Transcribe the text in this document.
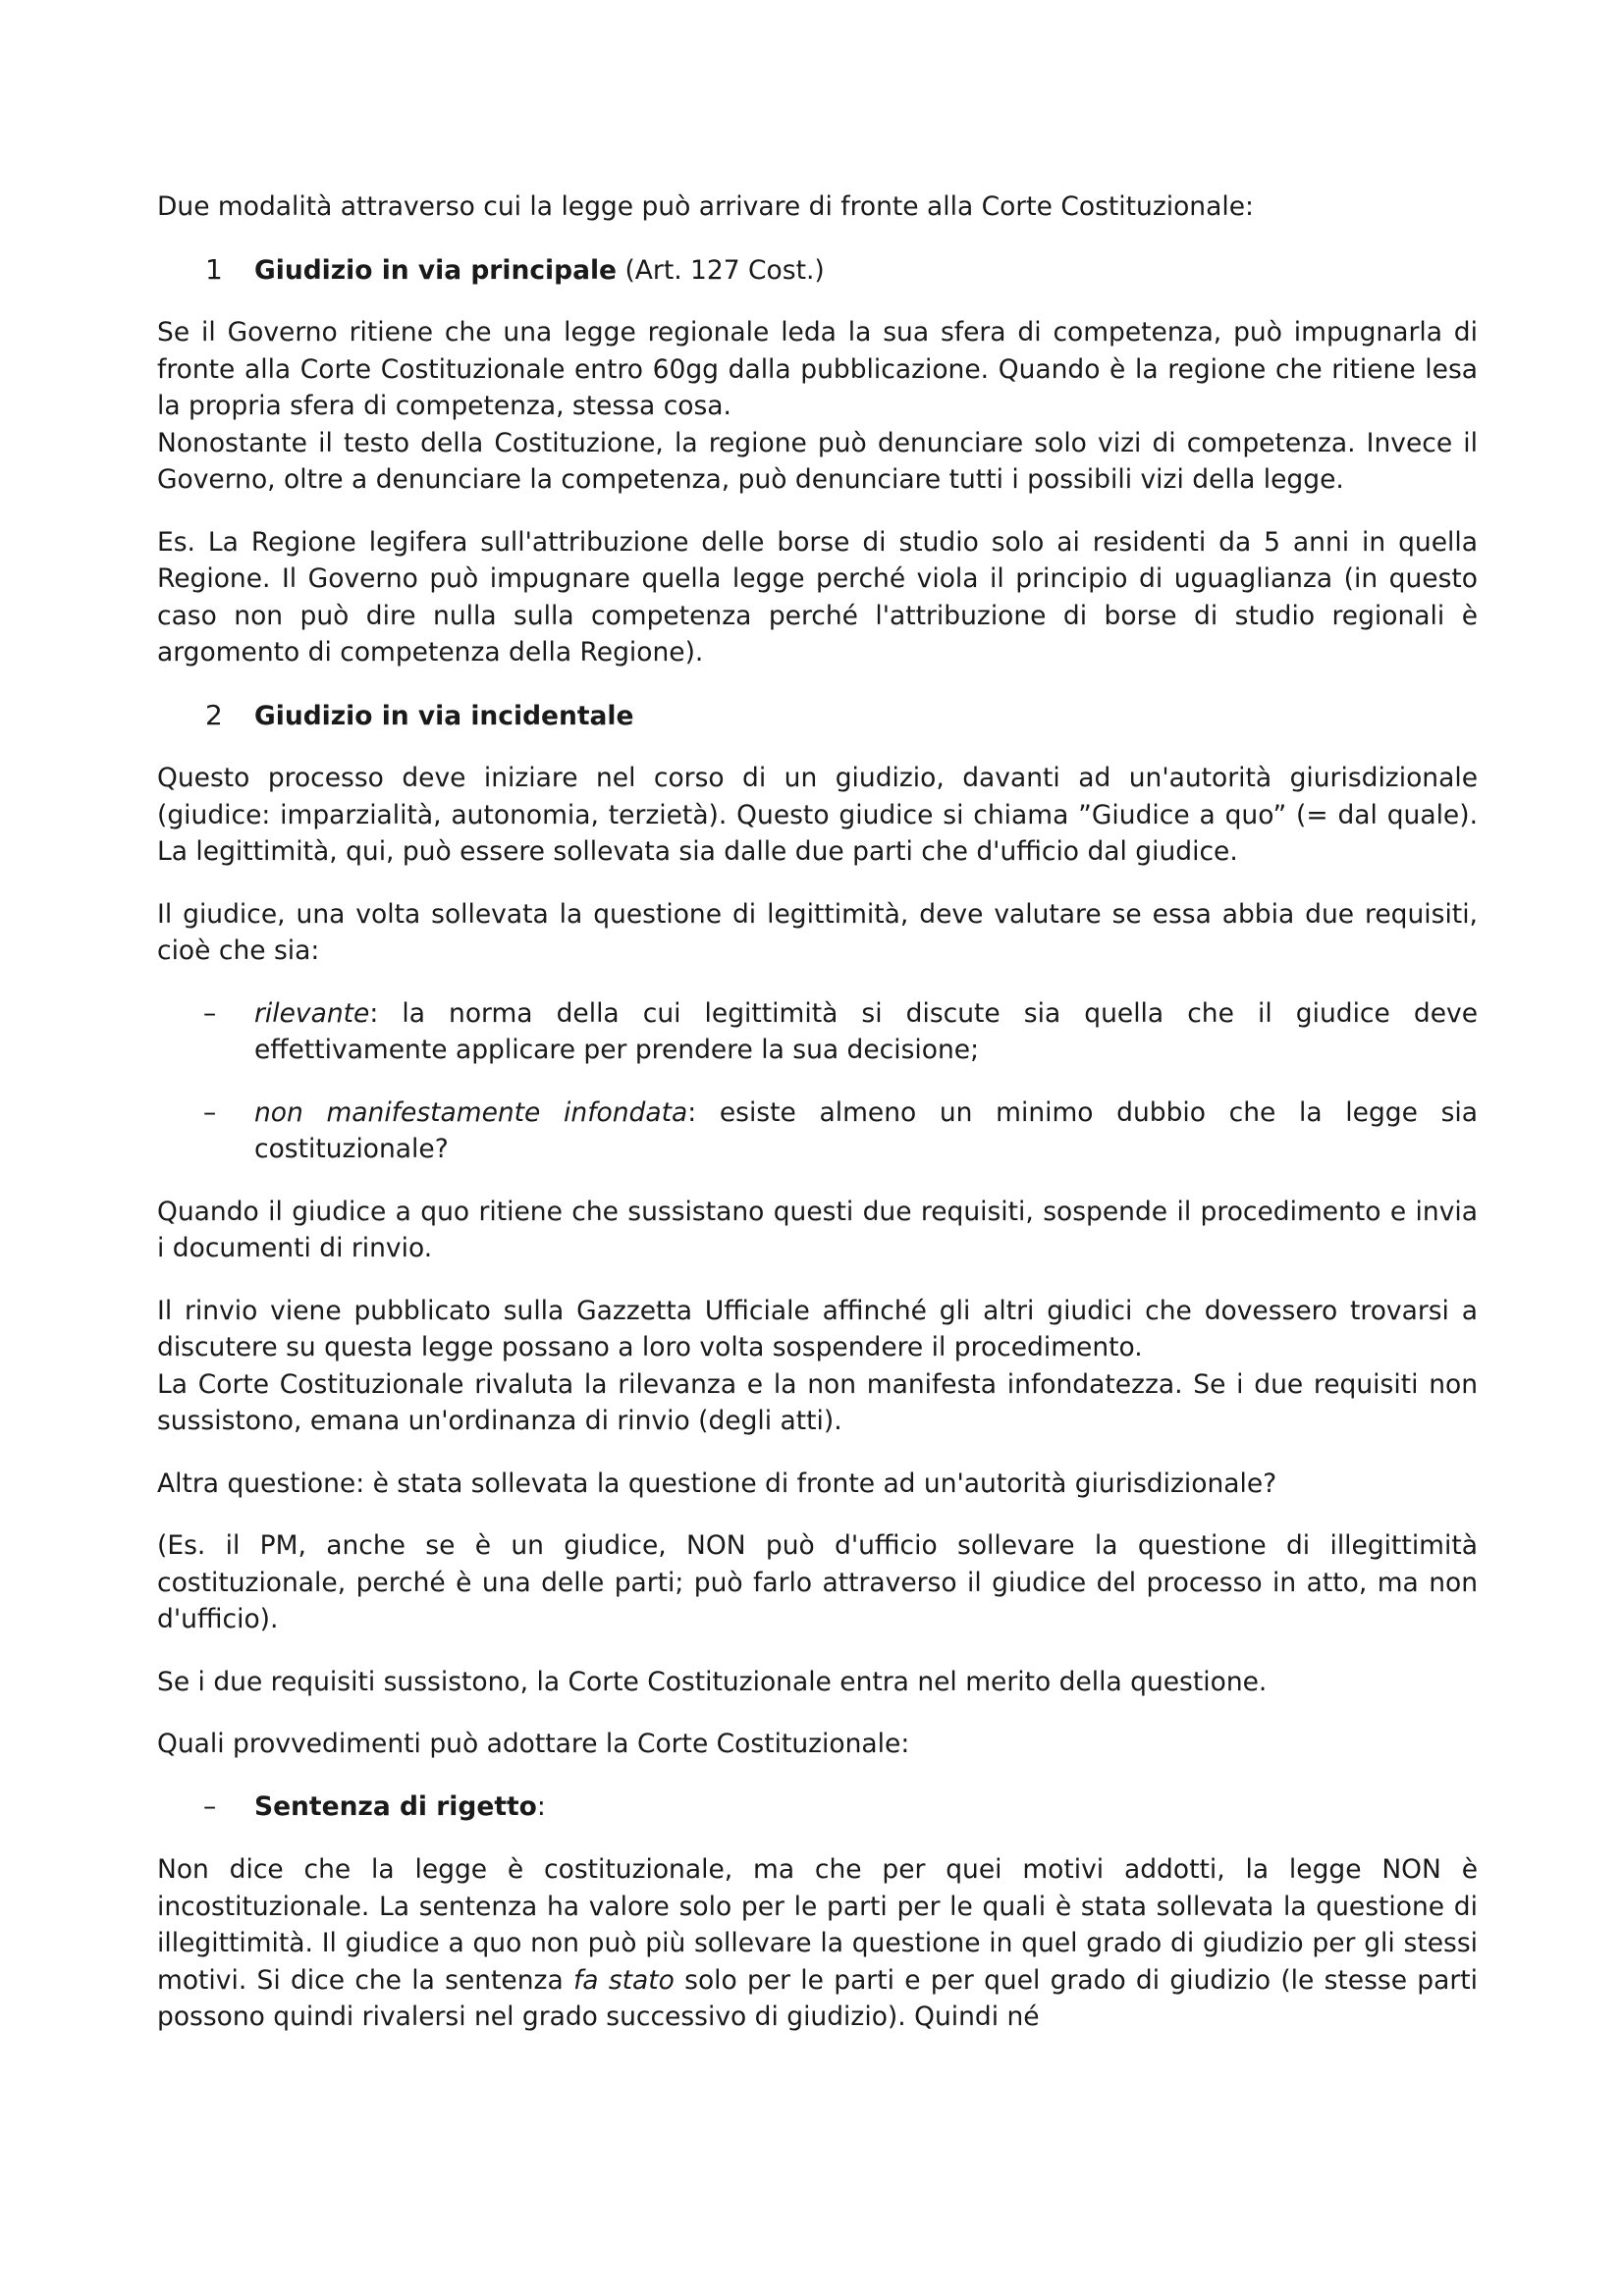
Due modalità attraverso cui la legge può arrivare di fronte alla Corte Costituzionale:

1	Giudizio in via principale (Art. 127 Cost.)

Se il Governo ritiene che una legge regionale leda la sua sfera di competenza, può impugnarla di fronte alla Corte Costituzionale entro 60gg dalla pubblicazione. Quando è la regione che ritiene lesa la propria sfera di competenza, stessa cosa.

Nonostante il testo della Costituzione, la regione può denunciare solo vizi di competenza. Invece il Governo, oltre a denunciare la competenza, può denunciare tutti i possibili vizi della legge.

Es. La Regione legifera sull'attribuzione delle borse di studio solo ai residenti da 5 anni in quella Regione. Il Governo può impugnare quella legge perché viola il principio di uguaglianza (in questo caso non può dire nulla sulla competenza perché l'attribuzione di borse di studio regionali è argomento di competenza della Regione).

2	Giudizio in via incidentale

Questo processo deve iniziare nel corso di un giudizio, davanti ad un'autorità giurisdizionale (giudice: imparzialità, autonomia, terzietà). Questo giudice si chiama ”Giudice a quo” (= dal quale). La legittimità, qui, può essere sollevata sia dalle due parti che d'ufficio dal giudice.

Il giudice, una volta sollevata la questione di legittimità, deve valutare se essa abbia due requisiti, cioè che sia:

–	rilevante: la norma della cui legittimità si discute sia quella che il giudice deve effettivamente applicare per prendere la sua decisione;
–	non manifestamente infondata: esiste almeno un minimo dubbio che la legge sia costituzionale?

Quando il giudice a quo ritiene che sussistano questi due requisiti, sospende il procedimento e invia i documenti di rinvio.

Il rinvio viene pubblicato sulla Gazzetta Ufficiale affinché gli altri giudici che dovessero trovarsi a discutere su questa legge possano a loro volta sospendere il procedimento.

La Corte Costituzionale rivaluta la rilevanza e la non manifesta infondatezza. Se i due requisiti non sussistono, emana un'ordinanza di rinvio (degli atti).

Altra questione: è stata sollevata la questione di fronte ad un'autorità giurisdizionale?

(Es. il PM, anche se è un giudice, NON può d'ufficio sollevare la questione di illegittimità costituzionale, perché è una delle parti; può farlo attraverso il giudice del processo in atto, ma non d'ufficio).

Se i due requisiti sussistono, la Corte Costituzionale entra nel merito della questione.

Quali provvedimenti può adottare la Corte Costituzionale:

–	Sentenza di rigetto:

Non dice che la legge è costituzionale, ma che per quei motivi addotti, la legge NON è incostituzionale. La sentenza ha valore solo per le parti per le quali è stata sollevata la questione di illegittimità. Il giudice a quo non può più sollevare la questione in quel grado di giudizio per gli stessi motivi. Si dice che la sentenza fa stato solo per le parti e per quel grado di giudizio (le stesse parti possono quindi rivalersi nel grado successivo di giudizio). Quindi né
